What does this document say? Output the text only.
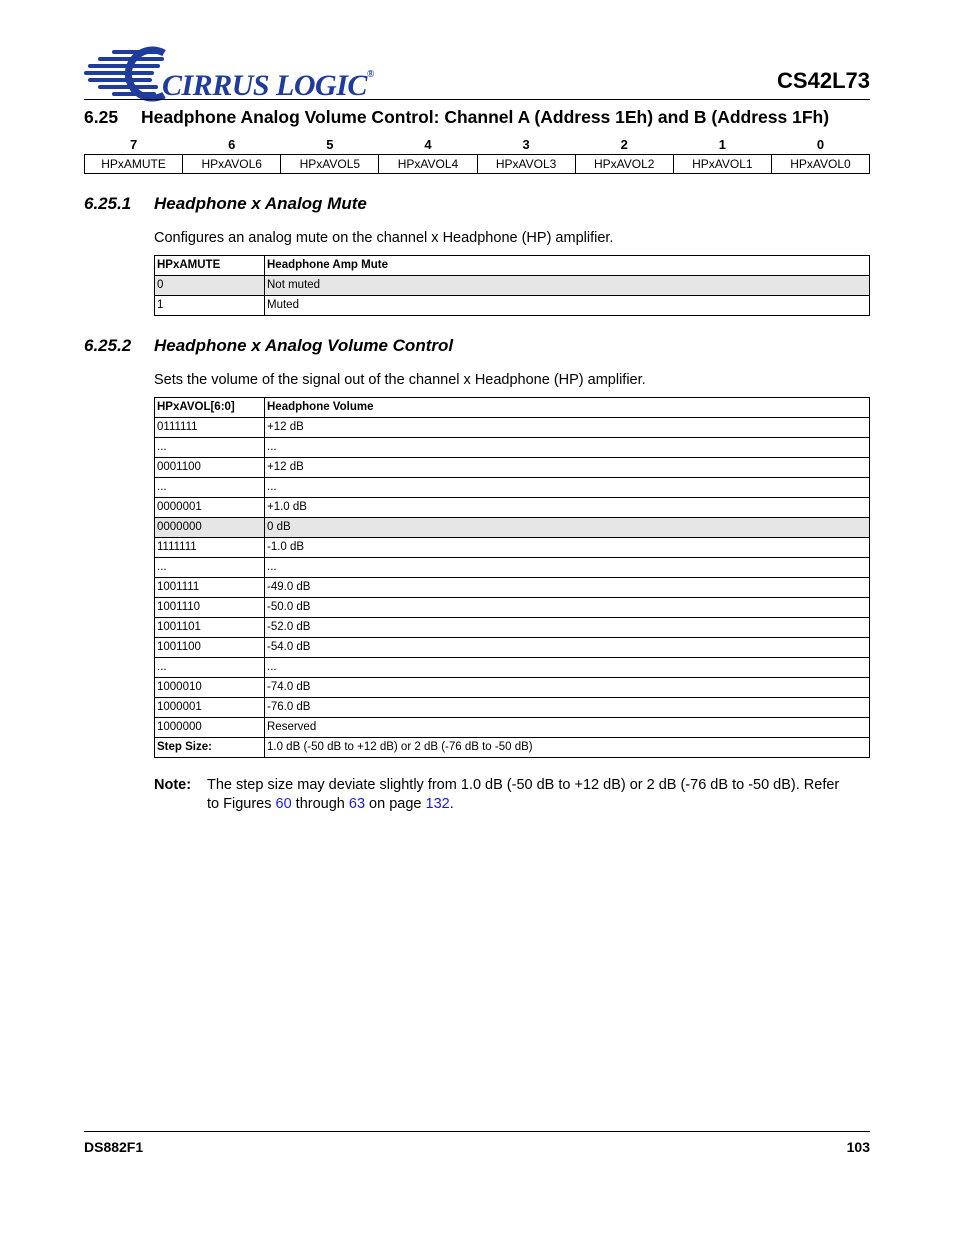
CIRRUS LOGIC®	CS42L73
6.25 Headphone Analog Volume Control: Channel A (Address 1Eh) and B (Address 1Fh)
7	6	5	4	3	2	1	0
HPxAMUTE	HPxAVOL6	HPxAVOL5	HPxAVOL4	HPxAVOL3	HPxAVOL2	HPxAVOL1	HPxAVOL0
6.25.1 Headphone x Analog Mute
Configures an analog mute on the channel x Headphone (HP) amplifier.
HPxAMUTE	Headphone Amp Mute
0	Not muted
1	Muted
6.25.2 Headphone x Analog Volume Control
Sets the volume of the signal out of the channel x Headphone (HP) amplifier.
HPxAVOL[6:0]	Headphone Volume
0111111	+12 dB
...	...
0001100	+12 dB
...	...
0000001	+1.0 dB
0000000	0 dB
1111111	-1.0 dB
...	...
1001111	-49.0 dB
1001110	-50.0 dB
1001101	-52.0 dB
1001100	-54.0 dB
...	...
1000010	-74.0 dB
1000001	-76.0 dB
1000000	Reserved
Step Size:	1.0 dB (-50 dB to +12 dB) or 2 dB (-76 dB to -50 dB)
Note: The step size may deviate slightly from 1.0 dB (-50 dB to +12 dB) or 2 dB (-76 dB to -50 dB). Refer
to Figures 60 through 63 on page 132.
DS882F1	103
